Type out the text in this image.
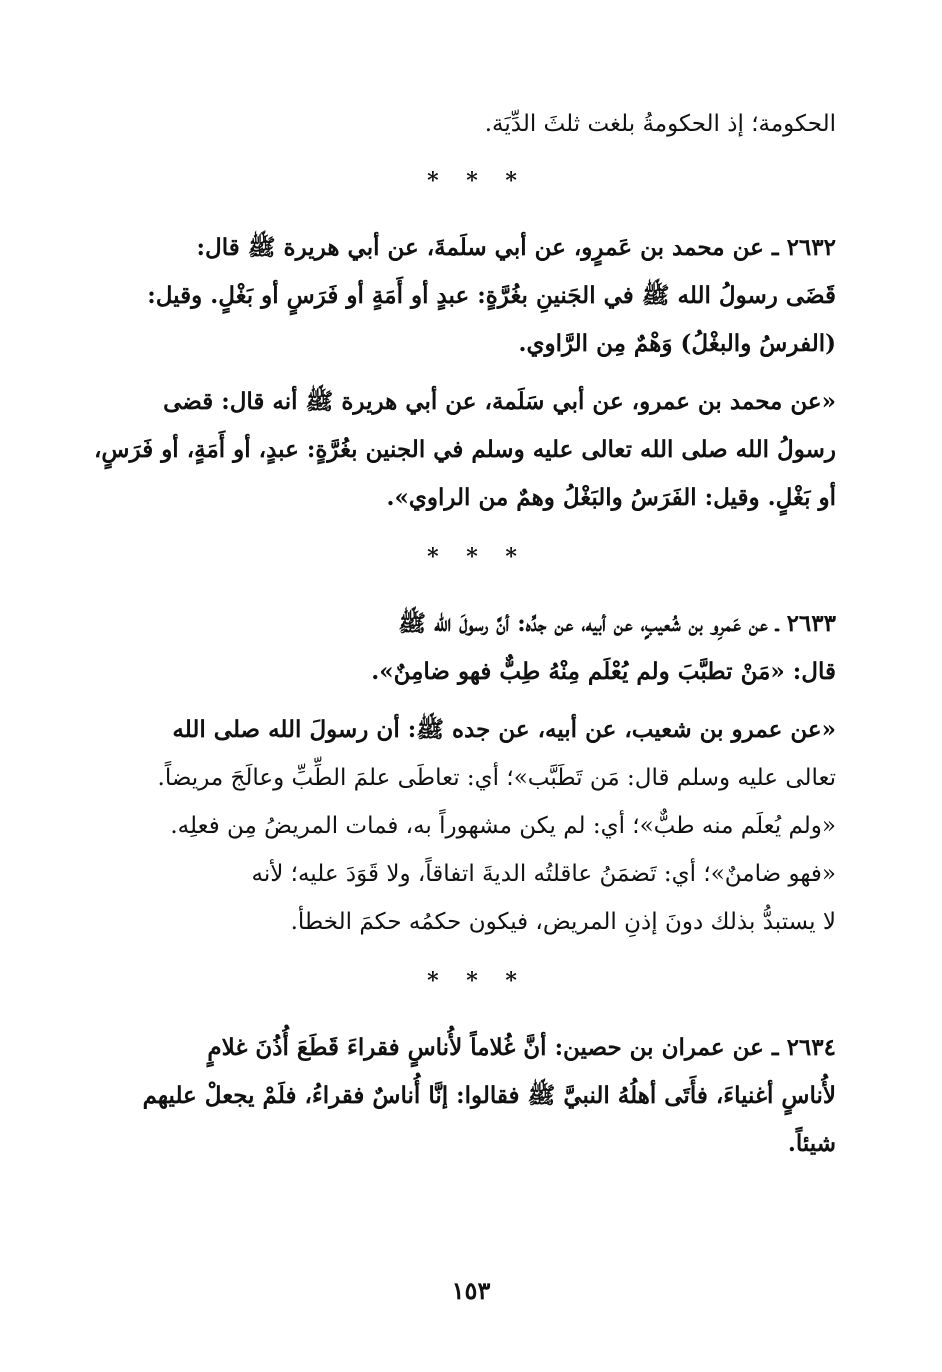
الحكومة؛ إذ الحكومةُ بلغت ثلثَ الدِّيَة.
* * *
٢٦٣٢ ـ عن محمد بن عَمرٍو، عن أبي سلَمةَ، عن أبي هريرة ﷺ قال:
قَضَى رسولُ الله ﷺ في الجَنينِ بغُرَّةٍ: عبدٍ أو أَمَةٍ أو فَرَسٍ أو بَغْلٍ. وقيل:
(الفرسُ والبغْلُ) وَهْمٌ مِن الرَّاوي.
«عن محمد بن عمرو، عن أبي سَلَمة، عن أبي هريرة ﷺ أنه قال: قضى
رسولُ الله صلى الله تعالى عليه وسلم في الجنين بغُرَّةٍ: عبدٍ، أو أَمَةٍ، أو فَرَسٍ،
أو بَغْلٍ. وقيل: الفَرَسُ والبَغْلُ وهمٌ من الراوي».
* * *
٢٦٣٣ ـ عن عَمرِو بن شُعيبٍ، عن أبيه، عن جدِّه: أنَّ رسولَ الله ﷺ
قال: «مَنْ تطبَّبَ ولم يُعْلَم مِنْهُ طِبٌّ فهو ضامِنٌ».
«عن عمرو بن شعيب، عن أبيه، عن جده ﷺ: أن رسولَ الله صلى الله
تعالى عليه وسلم قال: مَن تَطَبَّب»؛ أي: تعاطَى علمَ الطِّبِّ وعالَجَ مريضاً.
«ولم يُعلَم منه طبٌّ»؛ أي: لم يكن مشهوراً به، فمات المريضُ مِن فعلِه.
«فهو ضامنٌ»؛ أي: تَضمَنُ عاقلتُه الديةَ اتفاقاً، ولا قَوَدَ عليه؛ لأنه
لا يستبدُّ بذلك دونَ إذنِ المريض، فيكون حكمُه حكمَ الخطأ.
* * *
٢٦٣٤ ـ عن عمران بن حصين: أنَّ غُلاماً لأُناسٍ فقراءَ قَطَعَ أُذُنَ غلامٍ
لأُناسٍ أغنياءَ، فأَتَى أهلُهُ النبيَّ ﷺ فقالوا: إنَّا أُناسٌ فقراءُ، فلَمْ يجعلْ عليهم
شيئاً.
١٥٣
